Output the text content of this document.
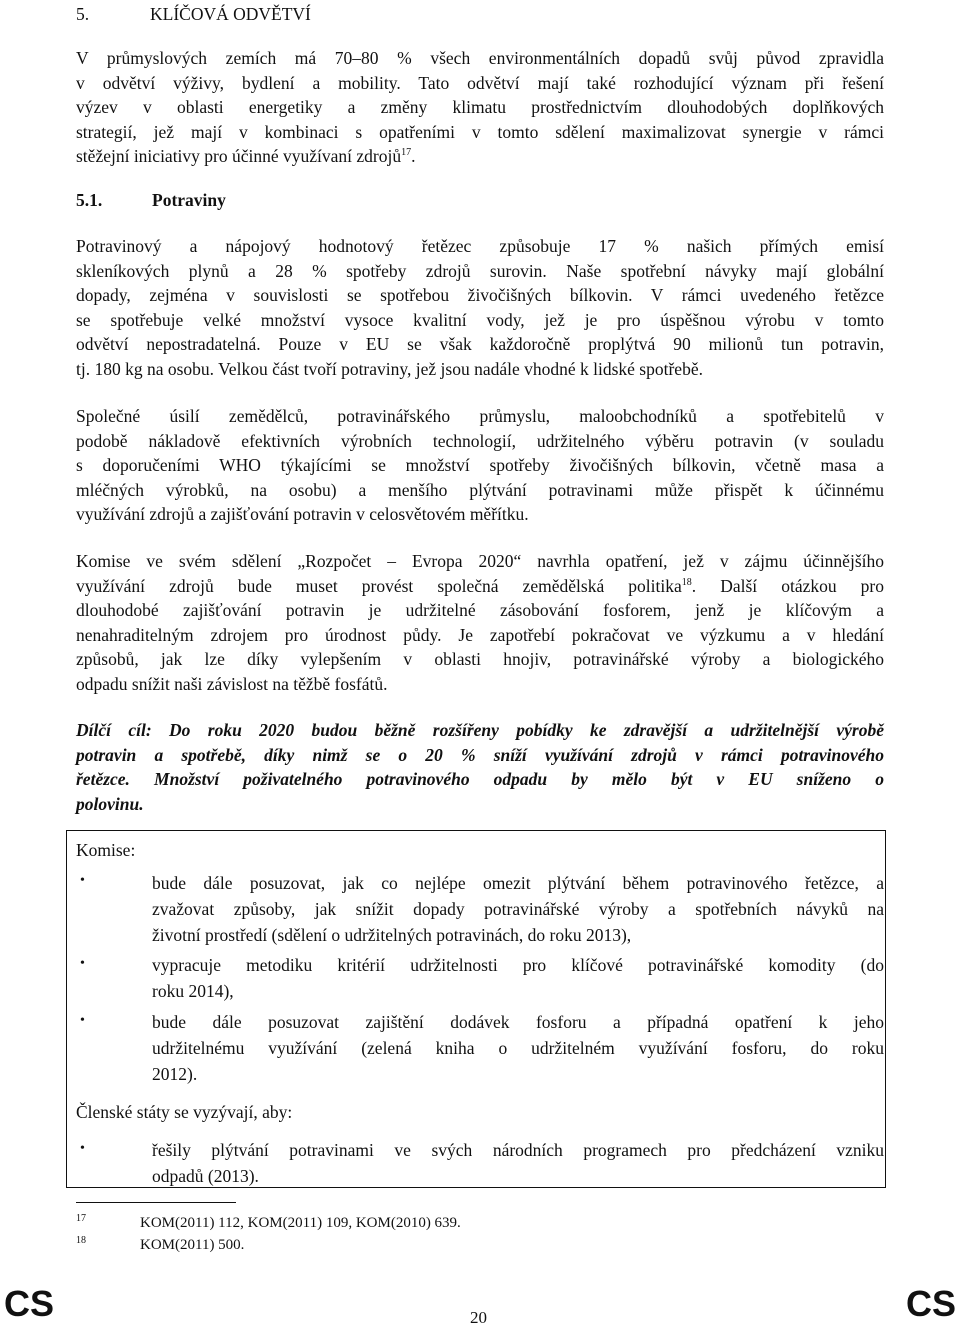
5.	KLÍČOVÁ ODVĚTVÍ
V průmyslových zemích má 70–80 % všech environmentálních dopadů svůj původ zpravidla
v odvětví výživy, bydlení a mobility. Tato odvětví mají také rozhodující význam při řešení
výzev v oblasti energetiky a změny klimatu prostřednictvím dlouhodobých doplňkových
strategií, jež mají v kombinaci s opatřeními v tomto sdělení maximalizovat synergie v rámci
stěžejní iniciativy pro účinné využívaní zdrojů$^{17}$.
5.1.	Potraviny
Potravinový a nápojový hodnotový řetězec způsobuje 17 % našich přímých emisí
skleníkových plynů a 28 % spotřeby zdrojů surovin. Naše spotřební návyky mají globální
dopady, zejména v souvislosti se spotřebou živočišných bílkovin. V rámci uvedeného řetězce
se spotřebuje velké množství vysoce kvalitní vody, jež je pro úspěšnou výrobu v tomto
odvětví nepostradatelná. Pouze v EU se však každoročně proplýtvá 90 milionů tun potravin,
tj. 180 kg na osobu. Velkou část tvoří potraviny, jež jsou nadále vhodné k lidské spotřebě.
Společné úsilí zemědělců, potravinářského průmyslu, maloobchodníků a spotřebitelů v
podobě nákladově efektivních výrobních technologií, udržitelného výběru potravin (v souladu
s doporučeními WHO týkajícími se množství spotřeby živočišných bílkovin, včetně masa a
mléčných výrobků, na osobu) a menšího plýtvání potravinami může přispět k účinnému
využívání zdrojů a zajišťování potravin v celosvětovém měřítku.
Komise ve svém sdělení „Rozpočet – Evropa 2020“ navrhla opatření, jež v zájmu účinnějšího
využívání zdrojů bude muset provést společná zemědělská politika$^{18}$. Další otázkou pro
dlouhodobé zajišťování potravin je udržitelné zásobování fosforem, jenž je klíčovým a
nenahraditelným zdrojem pro úrodnost půdy. Je zapotřebí pokračovat ve výzkumu a v hledání
způsobů, jak lze díky vylepšením v oblasti hnojiv, potravinářské výroby a biologického
odpadu snížit naši závislost na těžbě fosfátů.
Dílčí cíl: Do roku 2020 budou běžně rozšířeny pobídky ke zdravější a udržitelnější výrobě
potravin a spotřebě, díky nimž se o 20 % sníží využívání zdrojů v rámci potravinového
řetězce. Množství poživatelného potravinového odpadu by mělo být v EU sníženo o
polovinu.
Komise:
•	bude dále posuzovat, jak co nejlépe omezit plýtvání během potravinového řetězce, a
zvažovat způsoby, jak snížit dopady potravinářské výroby a spotřebních návyků na
životní prostředí (sdělení o udržitelných potravinách, do roku 2013),
•	vypracuje metodiku kritérií udržitelnosti pro klíčové potravinářské komodity (do
roku 2014),
•	bude dále posuzovat zajištění dodávek fosforu a případná opatření k jeho
udržitelnému využívání (zelená kniha o udržitelném využívání fosforu, do roku
2012).
Členské státy se vyzývají, aby:
•	řešily plýtvání potravinami ve svých národních programech pro předcházení vzniku
odpadů (2013).
17	KOM(2011) 112, KOM(2011) 109, KOM(2010) 639.
18	KOM(2011) 500.
CS	20	CS
